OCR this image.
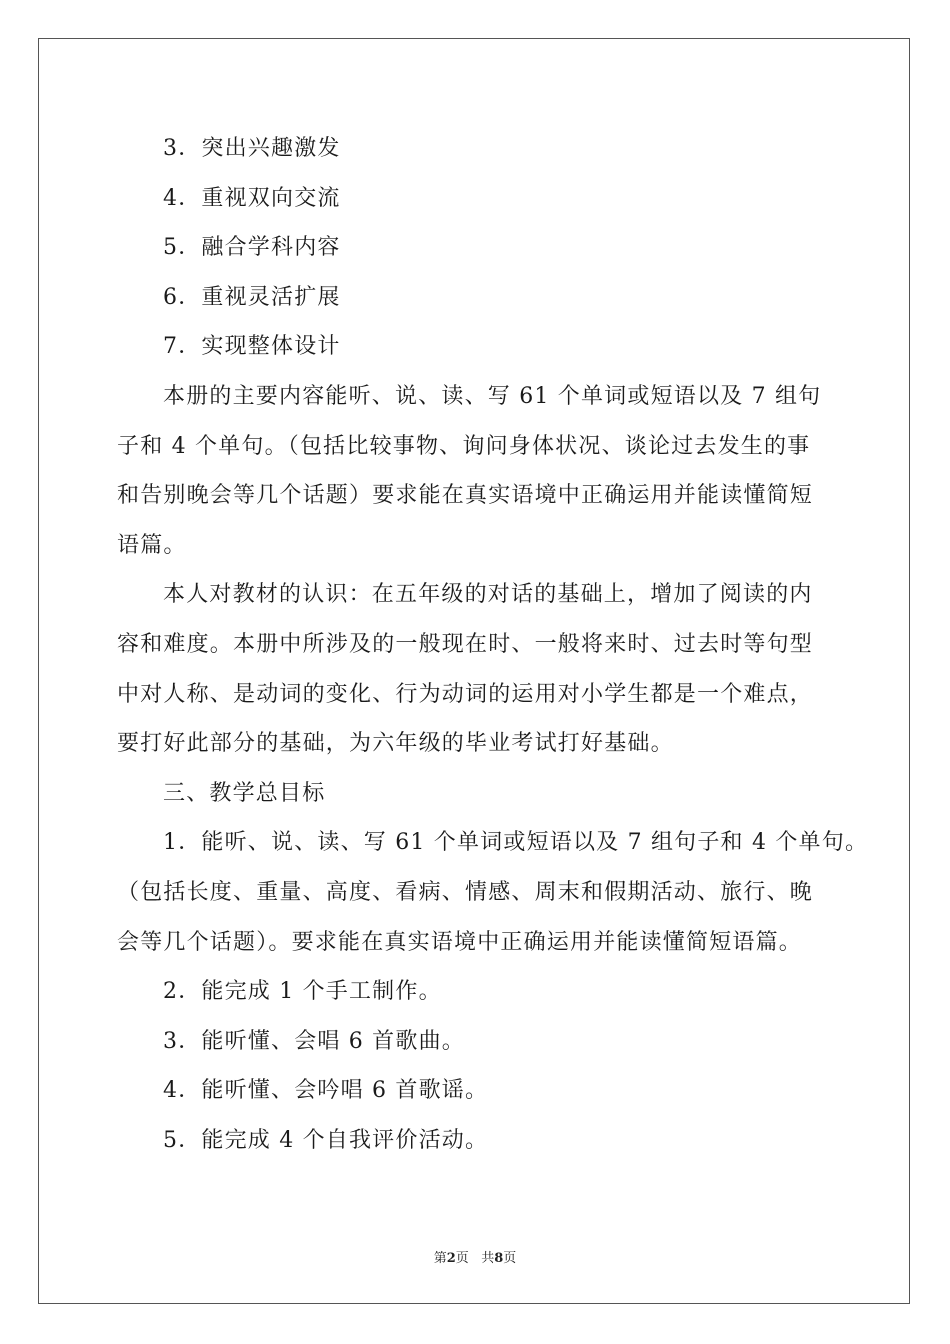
3．突出兴趣激发
4．重视双向交流
5．融合学科内容
6．重视灵活扩展
7．实现整体设计
本册的主要内容能听、说、读、写 61 个单词或短语以及 7 组句
子和 4 个单句。（包括比较事物、询问身体状况、谈论过去发生的事
和告别晚会等几个话题）要求能在真实语境中正确运用并能读懂简短
语篇。
本人对教材的认识：在五年级的对话的基础上，增加了阅读的内
容和难度。本册中所涉及的一般现在时、一般将来时、过去时等句型
中对人称、是动词的变化、行为动词的运用对小学生都是一个难点，
要打好此部分的基础，为六年级的毕业考试打好基础。
三、教学总目标
1．能听、说、读、写 61 个单词或短语以及 7 组句子和 4 个单句。
（包括长度、重量、高度、看病、情感、周末和假期活动、旅行、晚
会等几个话题）。要求能在真实语境中正确运用并能读懂简短语篇。
2．能完成 1 个手工制作。
3．能听懂、会唱 6 首歌曲。
4．能听懂、会吟唱 6 首歌谣。
5．能完成 4 个自我评价活动。
第2页 共8页
